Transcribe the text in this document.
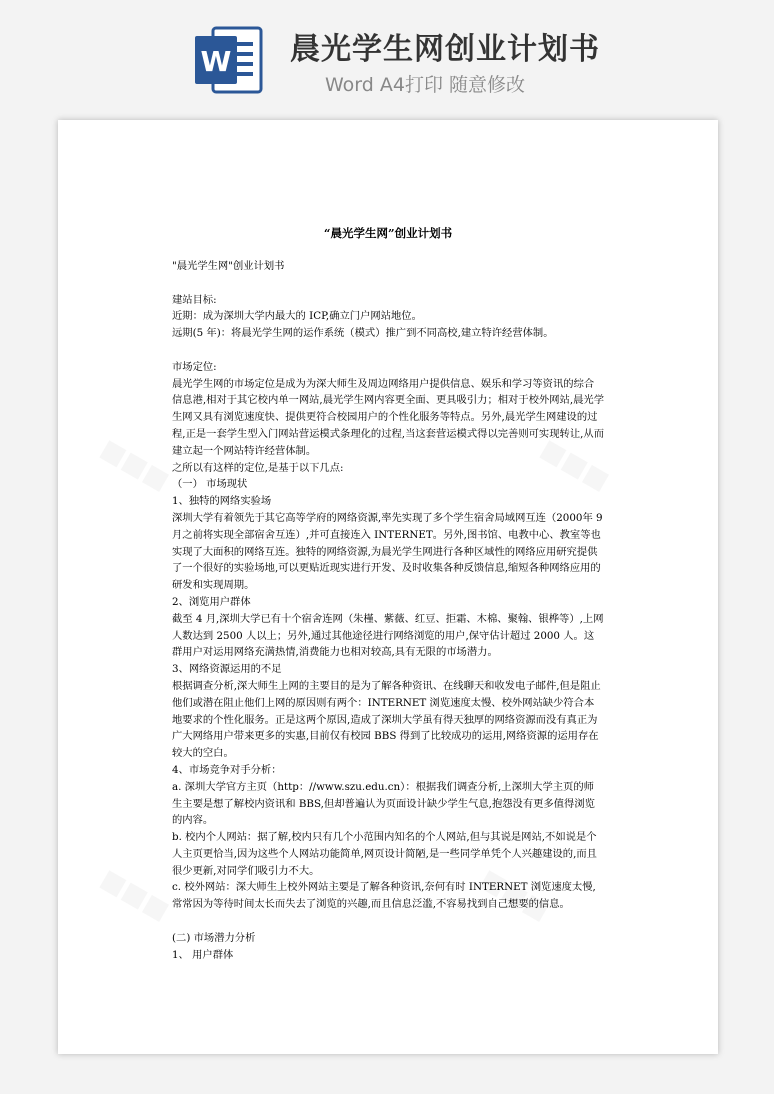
W 晨光学生网创业计划书
Word A4打印 随意修改
“晨光学生网”创业计划书

"晨光学生网"创业计划书

建站目标:

近期：成为深圳大学内最大的 ICP,确立门户网站地位。

远期(5 年)：将晨光学生网的运作系统（模式）推广到不同高校,建立特许经营体制。

市场定位:

晨光学生网的市场定位是成为为深大师生及周边网络用户提供信息、娱乐和学习等资讯的综合信息港,相对于其它校内单一网站,晨光学生网内容更全面、更具吸引力；相对于校外网站,晨光学生网又具有浏览速度快、提供更符合校园用户的个性化服务等特点。另外,晨光学生网建设的过程,正是一套学生型入门网站营运模式条理化的过程,当这套营运模式得以完善则可实现转让,从而建立起一个网站特许经营体制。

之所以有这样的定位,是基于以下几点:

（一） 市场现状

1、独特的网络实验场

深圳大学有着领先于其它高等学府的网络资源,率先实现了多个学生宿舍局域网互连（2000年 9 月之前将实现全部宿舍互连）,并可直接连入 INTERNET。另外,图书馆、电教中心、教室等也实现了大面积的网络互连。独特的网络资源,为晨光学生网进行各种区域性的网络应用研究提供了一个很好的实验场地,可以更贴近现实进行开发、及时收集各种反馈信息,缩短各种网络应用的研发和实现周期。

2、浏览用户群体

截至 4 月,深圳大学已有十个宿舍连网（朱槿、紫薇、红豆、拒霜、木棉、聚翰、银桦等）,上网人数达到 2500 人以上；另外,通过其他途径进行网络浏览的用户,保守估计超过 2000 人。这群用户对运用网络充满热情,消费能力也相对较高,具有无限的市场潜力。

3、网络资源运用的不足

根据调查分析,深大师生上网的主要目的是为了解各种资讯、在线聊天和收发电子邮件,但是阻止他们或潜在阻止他们上网的原因则有两个：INTERNET 浏览速度太慢、校外网站缺少符合本地要求的个性化服务。正是这两个原因,造成了深圳大学虽有得天独厚的网络资源而没有真正为广大网络用户带来更多的实惠,目前仅有校园 BBS 得到了比较成功的运用,网络资源的运用存在较大的空白。

4、市场竞争对手分析：

a. 深圳大学官方主页（http：//www.szu.edu.cn）：根据我们调查分析,上深圳大学主页的师生主要是想了解校内资讯和 BBS,但却普遍认为页面设计缺少学生气息,抱怨没有更多值得浏览的内容。

b. 校内个人网站：据了解,校内只有几个小范围内知名的个人网站,但与其说是网站,不如说是个人主页更恰当,因为这些个人网站功能简单,网页设计简陋,是一些同学单凭个人兴趣建设的,而且很少更新,对同学们吸引力不大。

c. 校外网站：深大师生上校外网站主要是了解各种资讯,奈何有时 INTERNET 浏览速度太慢,常常因为等待时间太长而失去了浏览的兴趣,而且信息泛滥,不容易找到自己想要的信息。

(二) 市场潜力分析

1、 用户群体
